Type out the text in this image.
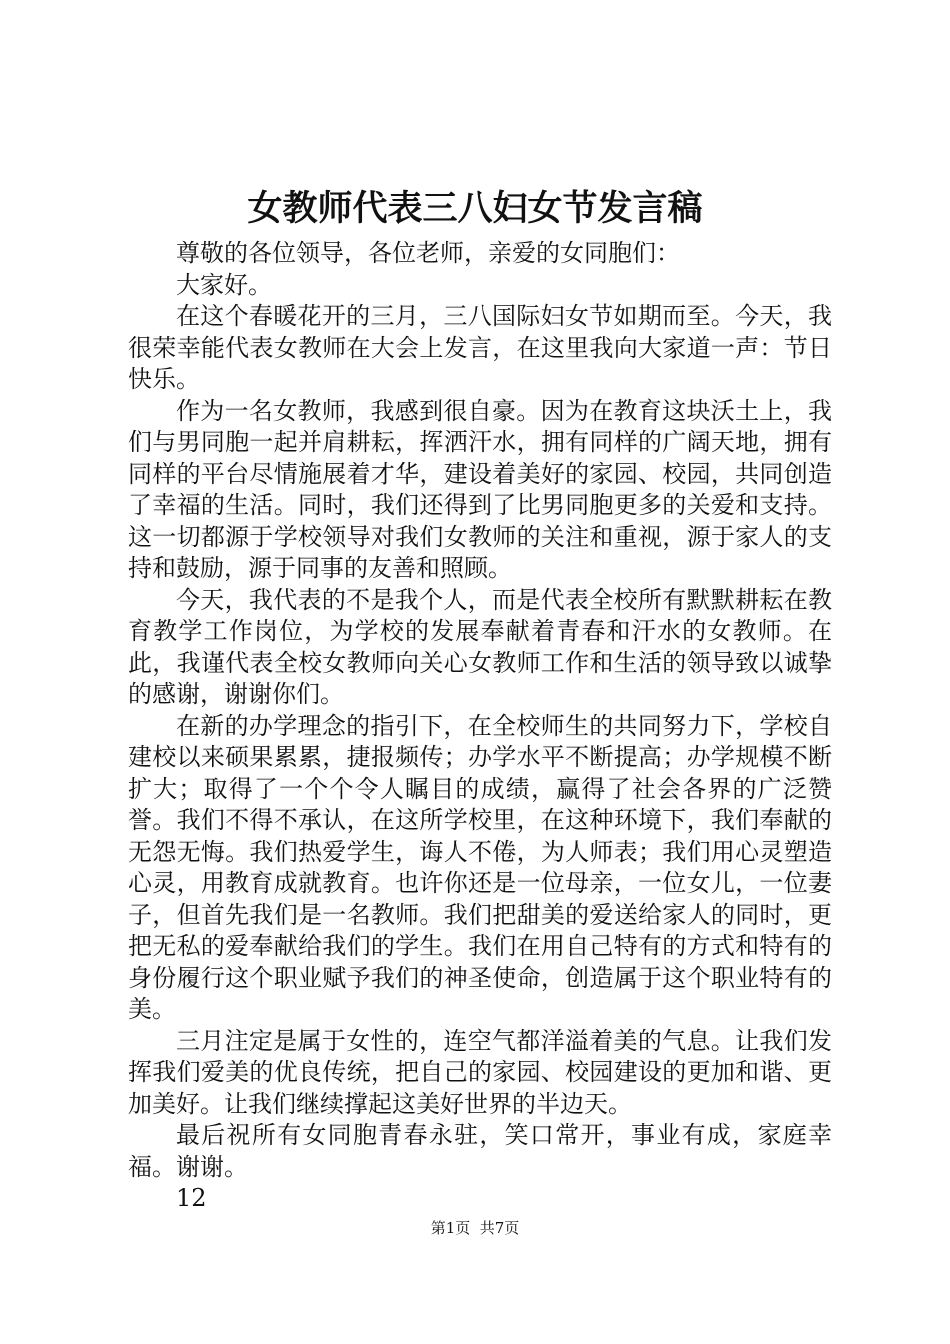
女教师代表三八妇女节发言稿

尊敬的各位领导，各位老师，亲爱的女同胞们：

大家好。

在这个春暖花开的三月，三八国际妇女节如期而至。今天，我很荣幸能代表女教师在大会上发言，在这里我向大家道一声：节日快乐。

作为一名女教师，我感到很自豪。因为在教育这块沃土上，我们与男同胞一起并肩耕耘，挥洒汗水，拥有同样的广阔天地，拥有同样的平台尽情施展着才华，建设着美好的家园、校园，共同创造了幸福的生活。同时，我们还得到了比男同胞更多的关爱和支持。这一切都源于学校领导对我们女教师的关注和重视，源于家人的支持和鼓励，源于同事的友善和照顾。

今天，我代表的不是我个人，而是代表全校所有默默耕耘在教育教学工作岗位，为学校的发展奉献着青春和汗水的女教师。在此，我谨代表全校女教师向关心女教师工作和生活的领导致以诚挚的感谢，谢谢你们。

在新的办学理念的指引下，在全校师生的共同努力下，学校自建校以来硕果累累，捷报频传；办学水平不断提高；办学规模不断扩大；取得了一个个令人瞩目的成绩，赢得了社会各界的广泛赞誉。我们不得不承认，在这所学校里，在这种环境下，我们奉献的无怨无悔。我们热爱学生，诲人不倦，为人师表；我们用心灵塑造心灵，用教育成就教育。也许你还是一位母亲，一位女儿，一位妻子，但首先我们是一名教师。我们把甜美的爱送给家人的同时，更把无私的爱奉献给我们的学生。我们在用自己特有的方式和特有的身份履行这个职业赋予我们的神圣使命，创造属于这个职业特有的美。

三月注定是属于女性的，连空气都洋溢着美的气息。让我们发挥我们爱美的优良传统，把自己的家园、校园建设的更加和谐、更加美好。让我们继续撑起这美好世界的半边天。

最后祝所有女同胞青春永驻，笑口常开，事业有成，家庭幸福。谢谢。

12

第1页  共7页
